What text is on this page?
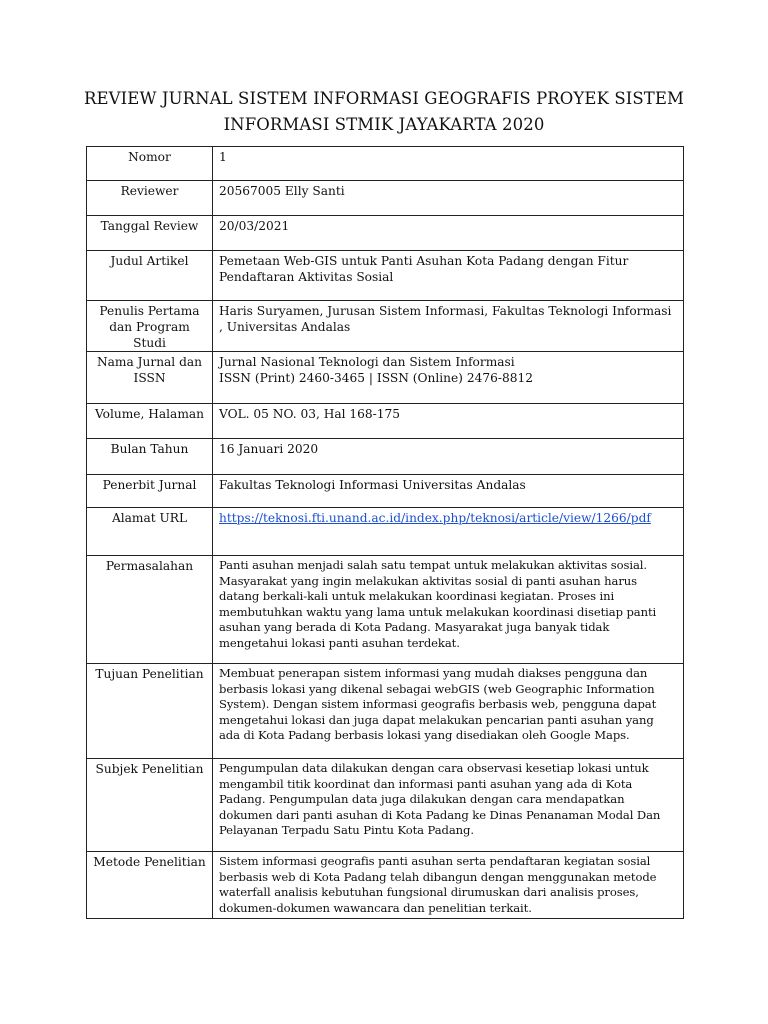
REVIEW JURNAL SISTEM INFORMASI GEOGRAFIS PROYEK SISTEM
INFORMASI STMIK JAYAKARTA 2020
Nomor	1
Reviewer	20567005 Elly Santi
Tanggal Review	20/03/2021
Judul Artikel	Pemetaan Web-GIS untuk Panti Asuhan Kota Padang dengan Fitur Pendaftaran Aktivitas Sosial
Penulis Pertama dan Program Studi	Haris Suryamen, Jurusan Sistem Informasi, Fakultas Teknologi Informasi , Universitas Andalas
Nama Jurnal dan ISSN	Jurnal Nasional Teknologi dan Sistem Informasi
ISSN (Print) 2460-3465 | ISSN (Online) 2476-8812

Volume, Halaman	VOL. 05 NO. 03, Hal 168-175
Bulan Tahun	16 Januari 2020
Penerbit Jurnal	Fakultas Teknologi Informasi Universitas Andalas
Alamat URL	https://teknosi.fti.unand.ac.id/index.php/teknosi/article/view/1266/pdf
Permasalahan	Panti asuhan menjadi salah satu tempat untuk melakukan aktivitas sosial. Masyarakat yang ingin melakukan aktivitas sosial di panti asuhan harus datang berkali-kali untuk melakukan koordinasi kegiatan. Proses ini membutuhkan waktu yang lama untuk melakukan koordinasi disetiap panti asuhan yang berada di Kota Padang. Masyarakat juga banyak tidak mengetahui lokasi panti asuhan terdekat.
Tujuan Penelitian	Membuat penerapan sistem informasi yang mudah diakses pengguna dan berbasis lokasi yang dikenal sebagai webGIS (web Geographic Information System). Dengan sistem informasi geografis berbasis web, pengguna dapat mengetahui lokasi dan juga dapat melakukan pencarian panti asuhan yang ada di Kota Padang berbasis lokasi yang disediakan oleh Google Maps.
Subjek Penelitian	Pengumpulan data dilakukan dengan cara observasi kesetiap lokasi untuk mengambil titik koordinat dan informasi panti asuhan yang ada di Kota Padang. Pengumpulan data juga dilakukan dengan cara mendapatkan dokumen dari panti asuhan di Kota Padang ke Dinas Penanaman Modal Dan Pelayanan Terpadu Satu Pintu Kota Padang.
Metode Penelitian	Sistem informasi geografis panti asuhan serta pendaftaran kegiatan sosial berbasis web di Kota Padang telah dibangun dengan menggunakan metode waterfall analisis kebutuhan fungsional dirumuskan dari analisis proses, dokumen-dokumen wawancara dan penelitian terkait.
